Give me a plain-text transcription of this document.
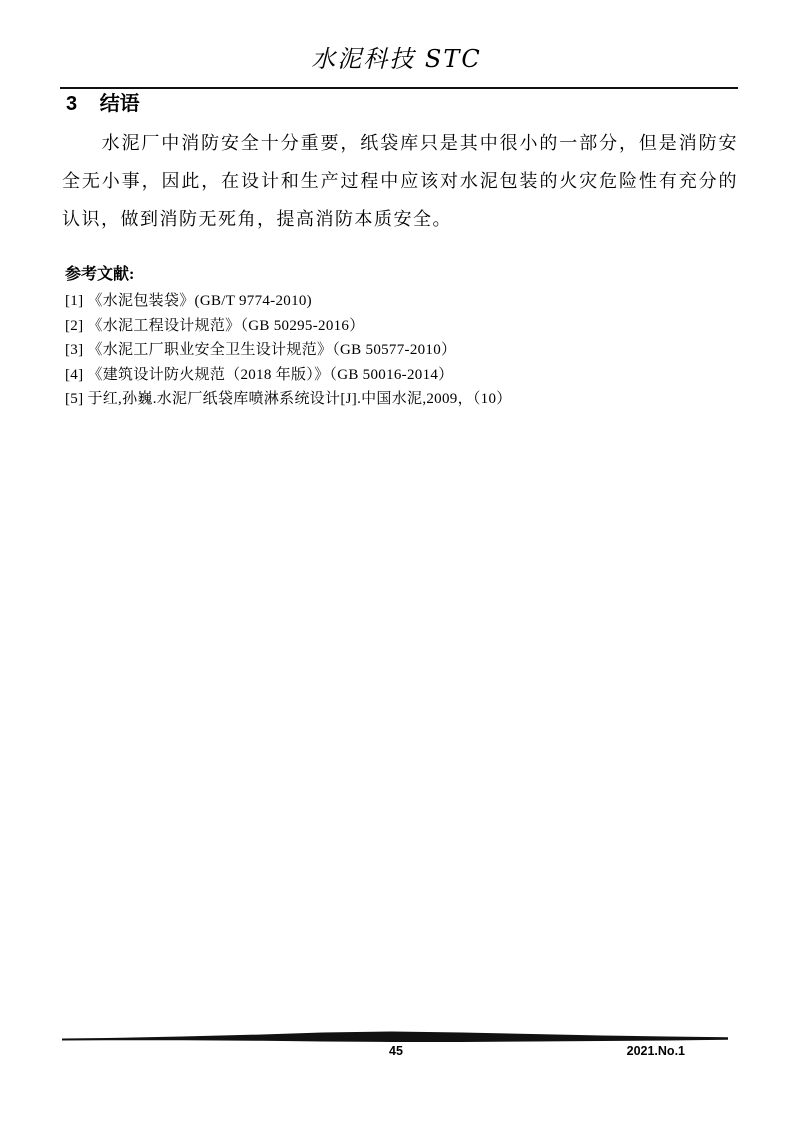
水泥科技 STC
3 结语
水泥厂中消防安全十分重要，纸袋库只是其中很小的一部分，但是消防安全无小事，因此，在设计和生产过程中应该对水泥包装的火灾危险性有充分的认识，做到消防无死角，提高消防本质安全。
参考文献:
[1] 《水泥包装袋》(GB/T 9774-2010)
[2] 《水泥工程设计规范》（GB 50295-2016）
[3] 《水泥工厂职业安全卫生设计规范》（GB 50577-2010）
[4] 《建筑设计防火规范（2018 年版）》（GB 50016-2014）
[5] 于红,孙巍.水泥厂纸袋库喷淋系统设计[J].中国水泥,2009，（10）
45	2021.No.1
